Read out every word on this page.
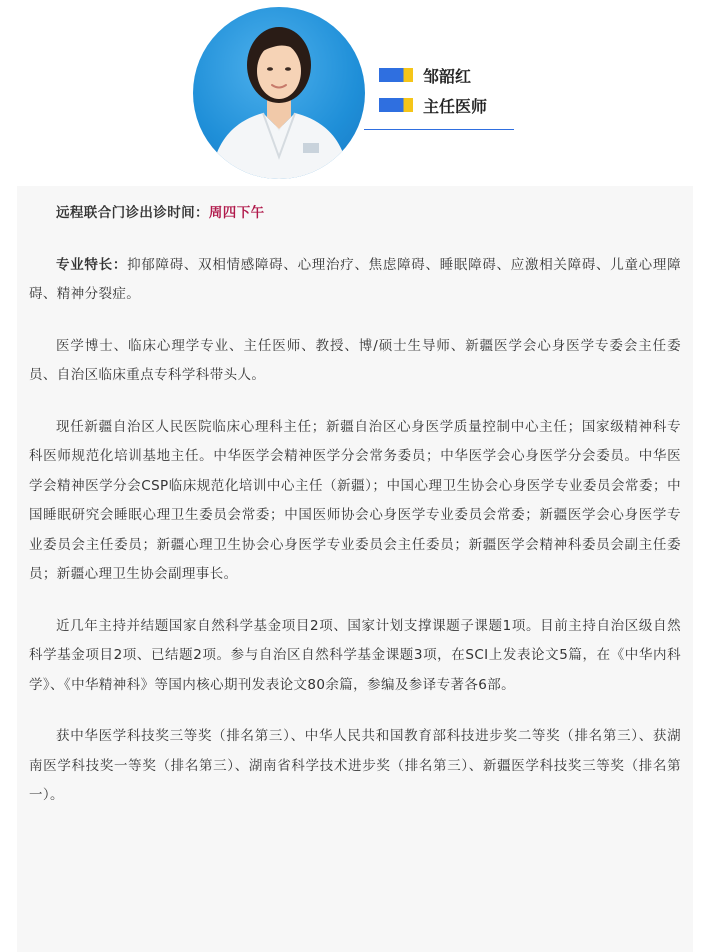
邹韶红
主任医师

远程联合门诊出诊时间：周四下午

专业特长：抑郁障碍、双相情感障碍、心理治疗、焦虑障碍、睡眠障碍、应激相关障碍、儿童心理障碍、精神分裂症。

医学博士、临床心理学专业、主任医师、教授、博/硕士生导师、新疆医学会心身医学专委会主任委员、自治区临床重点专科学科带头人。

现任新疆自治区人民医院临床心理科主任；新疆自治区心身医学质量控制中心主任；国家级精神科专科医师规范化培训基地主任。中华医学会精神医学分会常务委员；中华医学会心身医学分会委员。中华医学会精神医学分会CSP临床规范化培训中心主任（新疆）；中国心理卫生协会心身医学专业委员会常委；中国睡眠研究会睡眠心理卫生委员会常委；中国医师协会心身医学专业委员会常委；新疆医学会心身医学专业委员会主任委员；新疆心理卫生协会心身医学专业委员会主任委员；新疆医学会精神科委员会副主任委员；新疆心理卫生协会副理事长。

近几年主持并结题国家自然科学基金项目2项、国家计划支撑课题子课题1项。目前主持自治区级自然科学基金项目2项、已结题2项。参与自治区自然科学基金课题3项，在SCI上发表论文5篇，在《中华内科学》、《中华精神科》等国内核心期刊发表论文80余篇，参编及参译专著各6部。

获中华医学科技奖三等奖（排名第三）、中华人民共和国教育部科技进步奖二等奖（排名第三）、获湖南医学科技奖一等奖（排名第三）、湖南省科学技术进步奖（排名第三）、新疆医学科技奖三等奖（排名第一）。
